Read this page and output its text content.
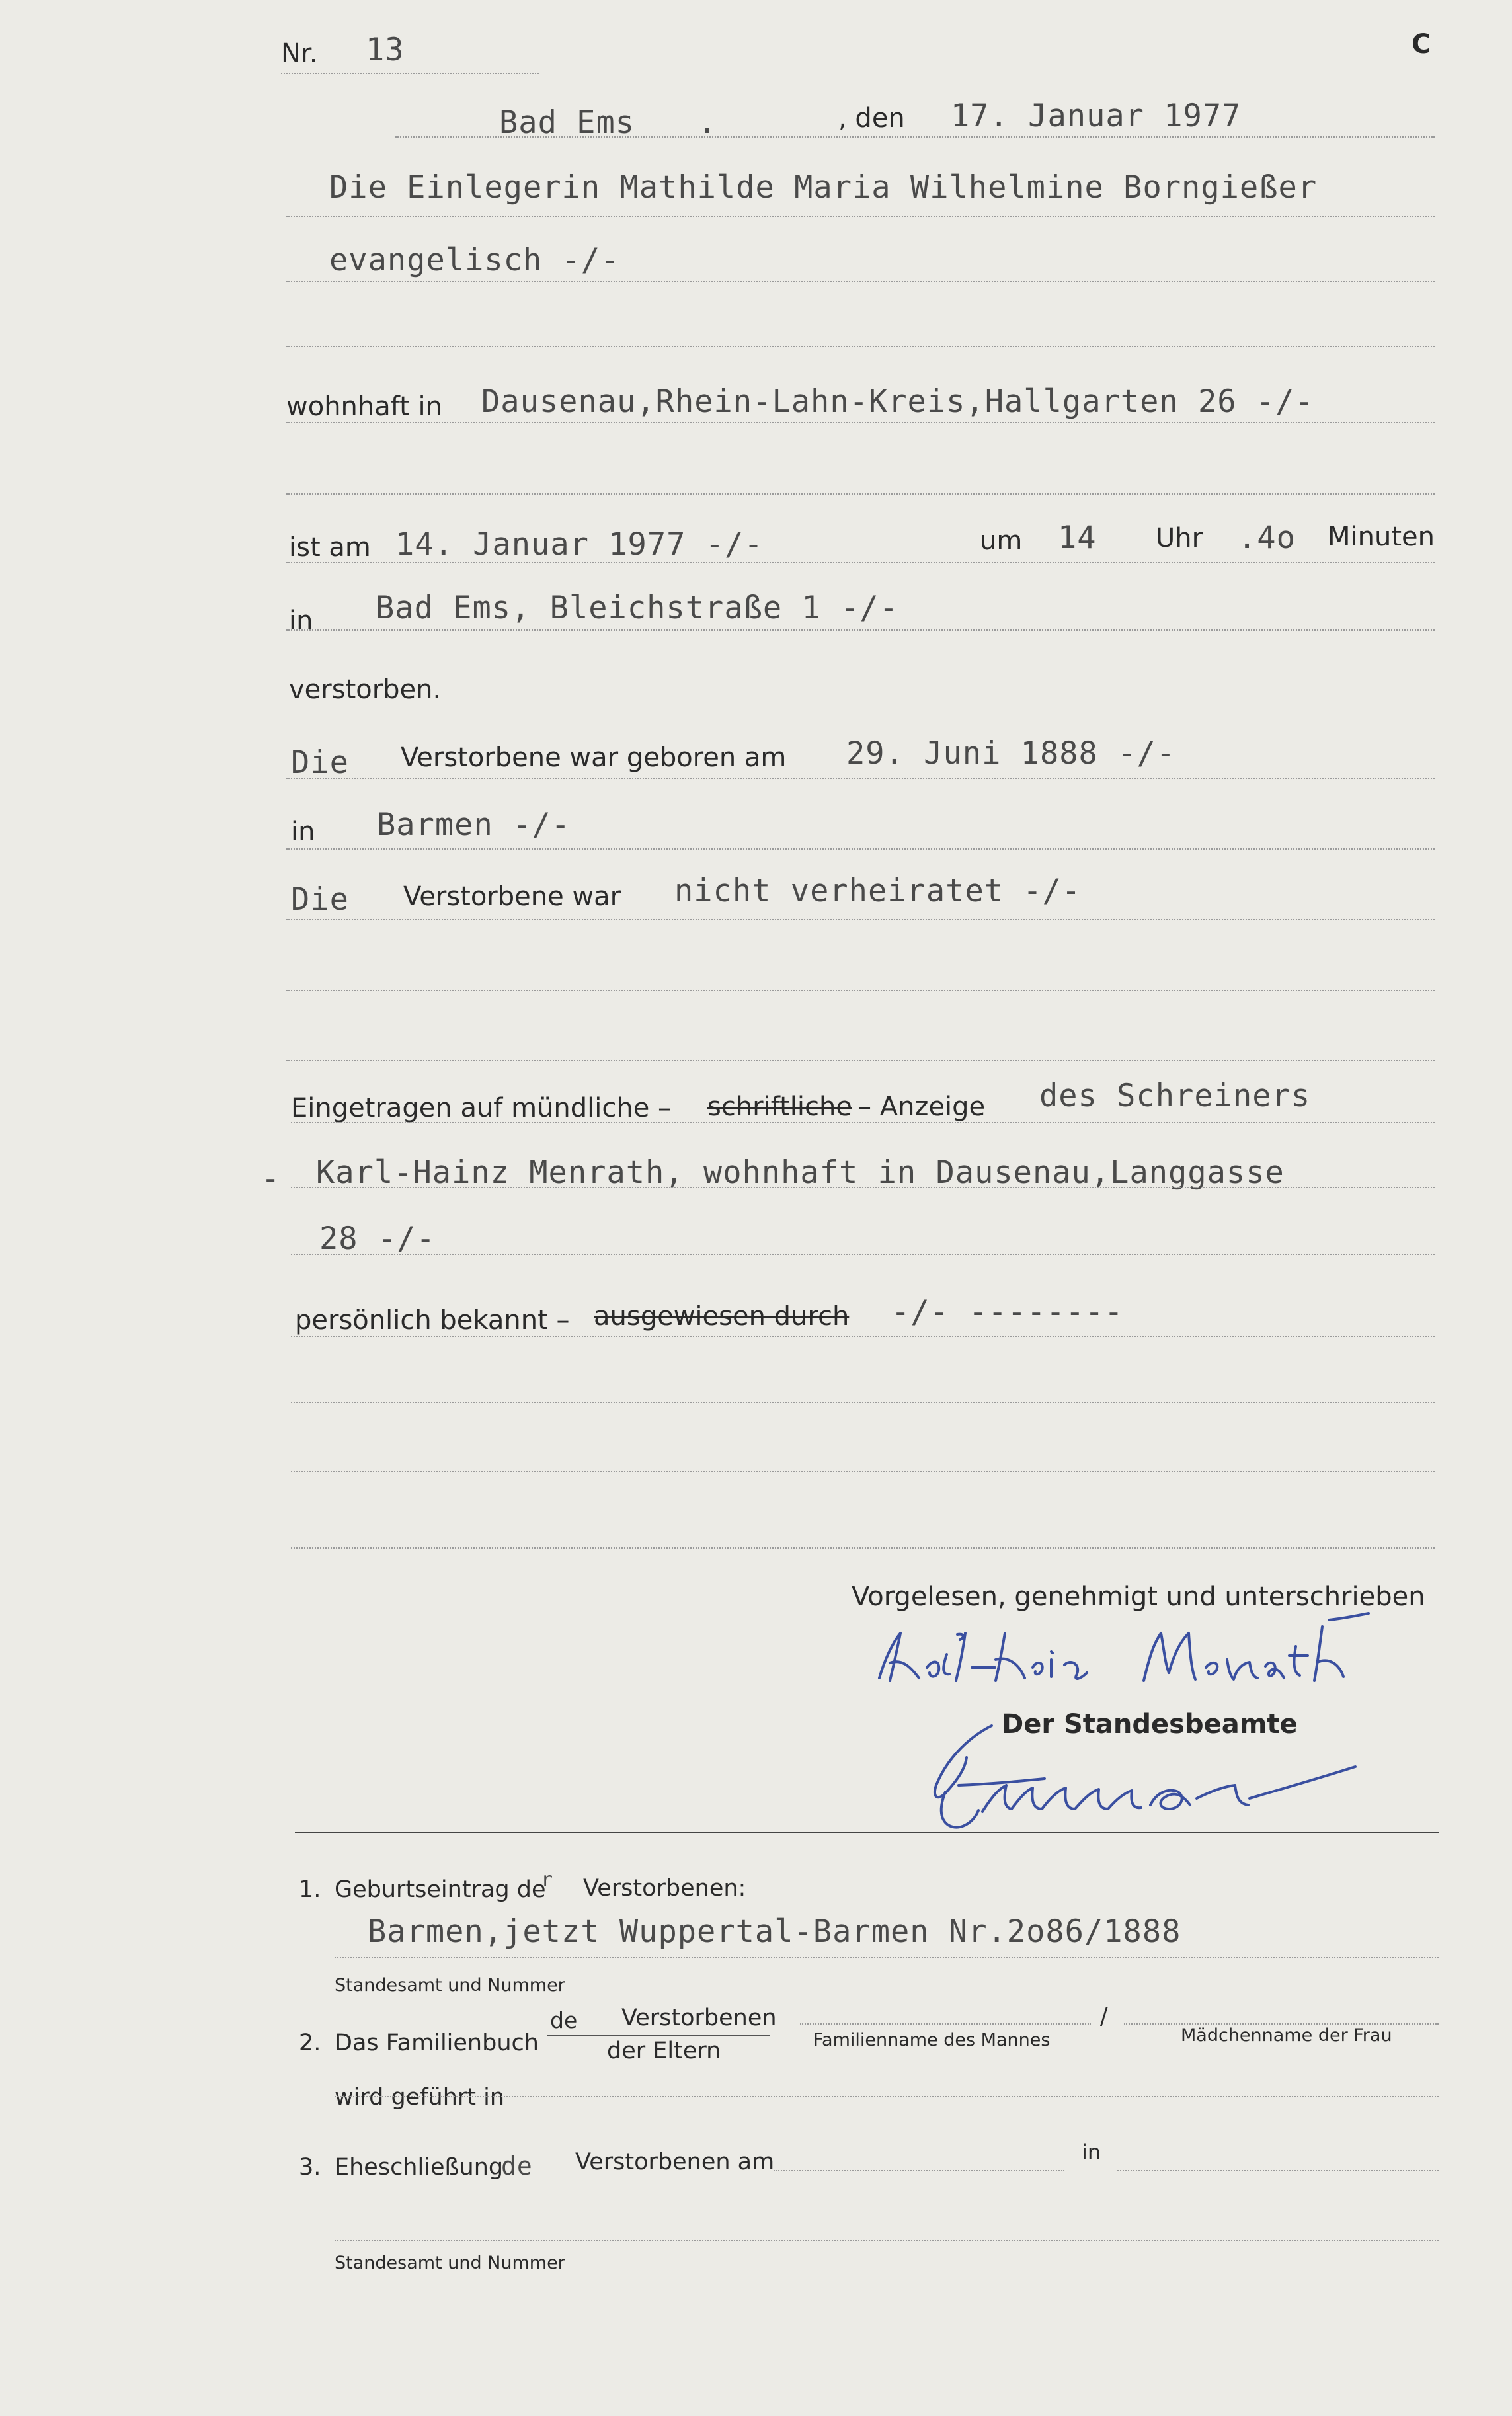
Nr. 13	C
Bad Ems .	, den 17. Januar 1977
Die Einlegerin Mathilde Maria Wilhelmine Borngießer
evangelisch -/-
wohnhaft in Dausenau,Rhein-Lahn-Kreis,Hallgarten 26 -/-
ist am 14. Januar 1977 -/-	um 14 Uhr .4o Minuten
in Bad Ems, Bleichstraße 1 -/-
verstorben.
Die Verstorbene war geboren am 29. Juni 1888 -/-
in Barmen -/-
Die Verstorbene war nicht verheiratet -/-
Eingetragen auf mündliche – schriftliche – Anzeige des Schreiners
- Karl-Hainz Menrath, wohnhaft in Dausenau,Langgasse
28 -/-
persönlich bekannt – ausgewiesen durch -/- --------
Vorgelesen, genehmigt und unterschrieben
Der Standesbeamte
1. Geburtseintrag de
r Verstorbenen:
Barmen,jetzt Wuppertal-Barmen Nr.2o86/1888
Standesamt und Nummer
2. Das Familienbuch
de Verstorbenen
der Eltern	Familienname des Mannes
/
Mädchenname der Frau
wird geführt in
3. Eheschließung
de Verstorbenen am	in
Standesamt und Nummer
